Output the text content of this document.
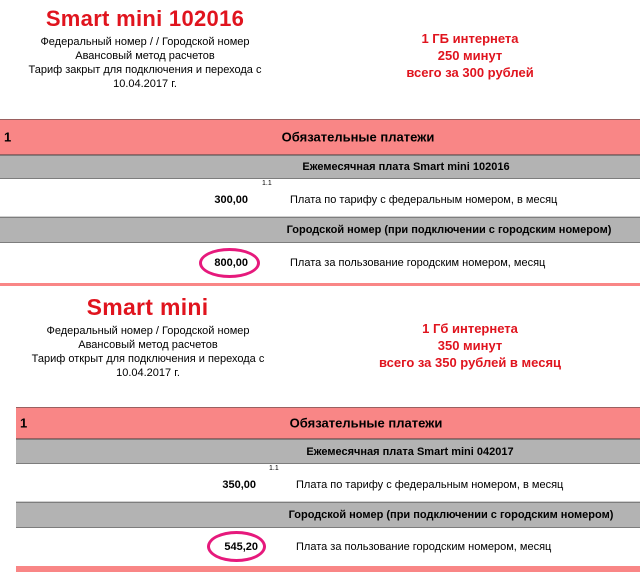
Smart mini 102016
Федеральный номер / / Городской номер
Авансовый метод расчетов
Тариф закрыт для подключения и перехода с
10.04.2017 г.
1 ГБ интернета
250 минут
всего за 300 рублей
1	Обязательные платежи
Ежемесячная плата Smart mini 102016
1.1
300,00	Плата по тарифу с федеральным номером, в месяц
Городской номер (при подключении с городским номером)
800,00	Плата за пользование городским номером, месяц
Smart mini
Федеральный номер / Городской номер
Авансовый метод расчетов
Тариф открыт для подключения и перехода с
10.04.2017 г.
1 Гб интернета
350 минут
всего за 350 рублей в месяц
1	Обязательные платежи
Ежемесячная плата Smart mini 042017
1.1
350,00	Плата по тарифу с федеральным номером, в месяц
Городской номер (при подключении с городским номером)
545,20	Плата за пользование городским номером, месяц
